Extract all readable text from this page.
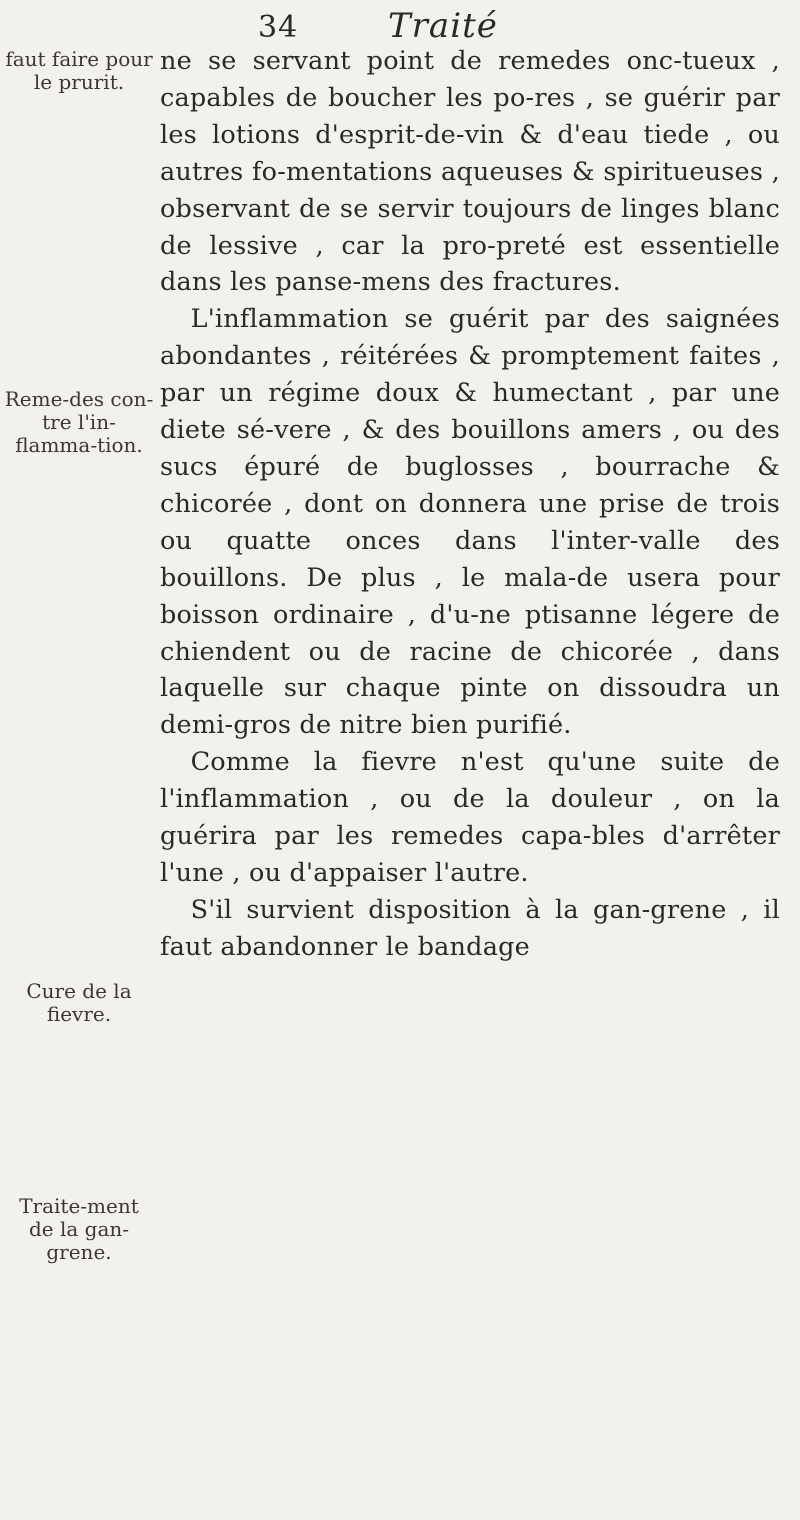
34	Traité
faut faire pour le prurit.
Reme-des con-tre l'in-flamma-tion.
Cure de la fievre.
Traite-ment de la gan-grene.

ne se servant point de remedes onc-tueux , capables de boucher les po-res , se guérir par les lotions d'esprit-de-vin & d'eau tiede , ou autres fo-mentations aqueuses & spiritueuses , observant de se servir toujours de linges blanc de lessive , car la pro-preté est essentielle dans les panse-mens des fractures.

L'inflammation se guérit par des saignées abondantes , réitérées & promptement faites , par un régime doux & humectant , par une diete sé-vere , & des bouillons amers , ou des sucs épuré de buglosses , bourrache & chicorée , dont on donnera une prise de trois ou quatte onces dans l'inter-valle des bouillons. De plus , le mala-de usera pour boisson ordinaire , d'u-ne ptisanne légere de chiendent ou de racine de chicorée , dans laquelle sur chaque pinte on dissoudra un demi-gros de nitre bien purifié.

Comme la fievre n'est qu'une suite de l'inflammation , ou de la douleur , on la guérira par les remedes capa-bles d'arrêter l'une , ou d'appaiser l'autre.

S'il survient disposition à la gan-grene , il faut abandonner le bandage
